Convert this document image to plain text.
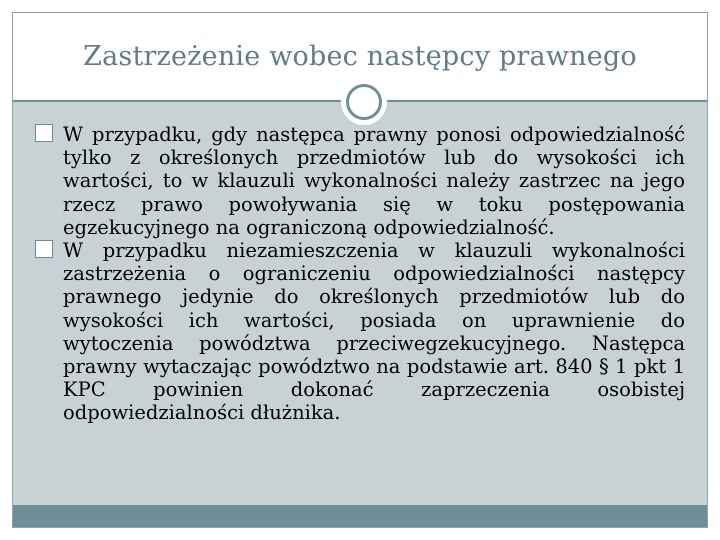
Zastrzeżenie wobec następcy prawnego

W przypadku, gdy następca prawny ponosi odpowiedzialność tylko z określonych przedmiotów lub do wysokości ich wartości, to w klauzuli wykonalności należy zastrzec na jego rzecz prawo powoływania się w toku postępowania egzekucyjnego na ograniczoną odpowiedzialność.

W przypadku niezamieszczenia w klauzuli wykonalności zastrzeżenia o ograniczeniu odpowiedzialności następcy prawnego jedynie do określonych przedmiotów lub do wysokości ich wartości, posiada on uprawnienie do wytoczenia powództwa przeciwegzekucyjnego. Następca prawny wytaczając powództwo na podstawie art. 840 § 1 pkt 1 KPC powinien dokonać zaprzeczenia osobistej odpowiedzialności dłużnika.
